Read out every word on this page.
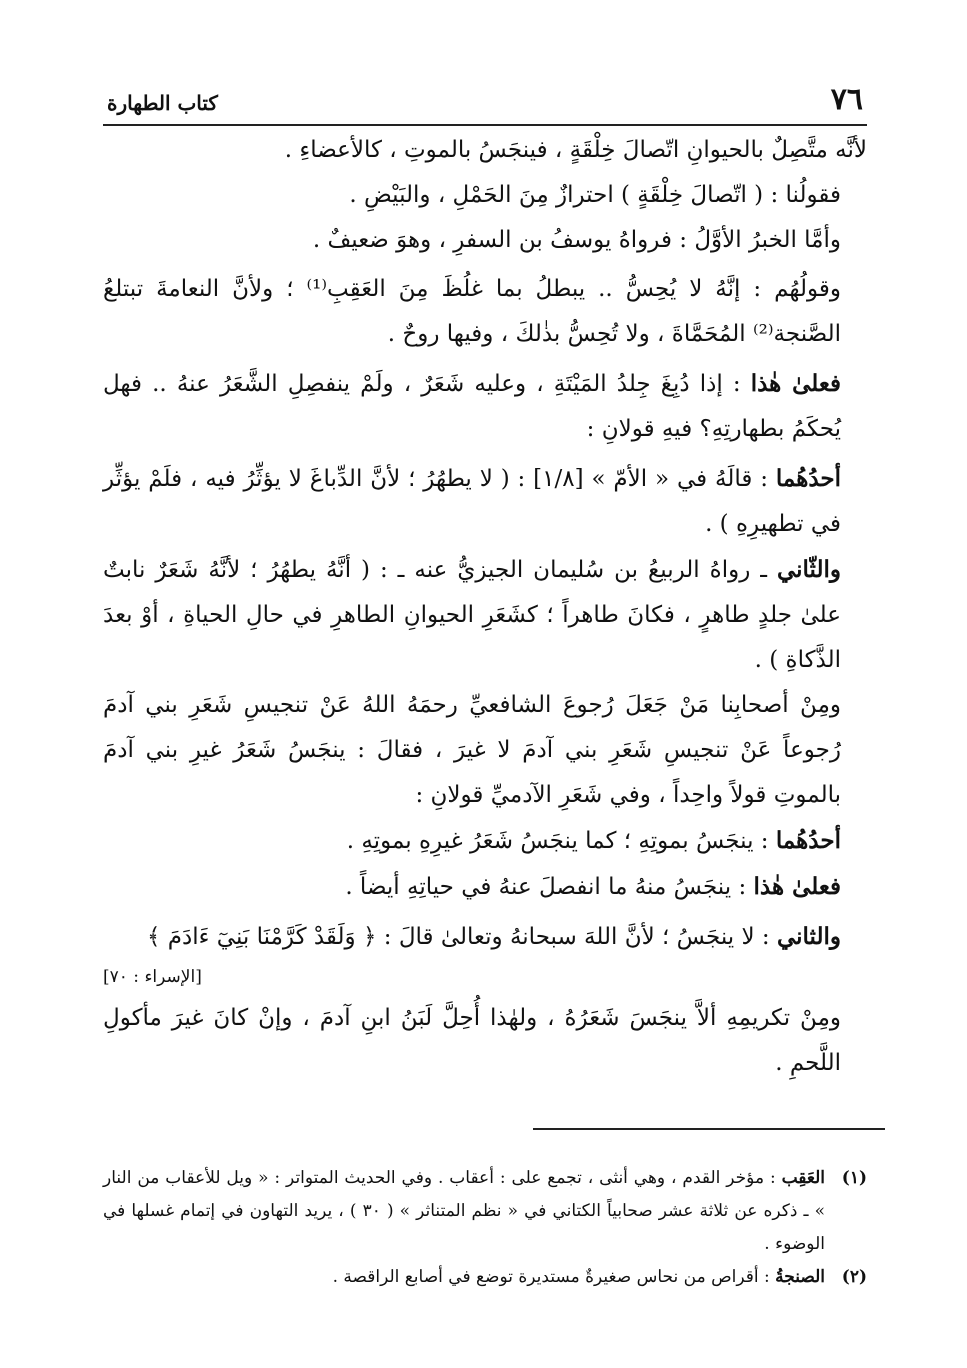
٧٦
كتاب الطهارة
لأنَّه متَّصِلٌ بالحيوانِ اتّصالَ خِلْقَةٍ ، فينجَسُ بالموتِ ، كالأعضاءِ .
فقولُنا : ( اتّصالَ خِلْقَةٍ ) احترازٌ مِنَ الحَمْلِ ، والبَيْضِ .
وأمَّا الخبرُ الأوَّلُ : فرواهُ يوسفُ بن السفرِ ، وهوَ ضعيفٌ .
وقولُهُم : إنَّهُ لا يُحِسُّ .. يبطلُ بما غلُظَ مِنَ العَقِبِ⁽¹⁾ ؛ ولأنَّ النعامةَ تبتلعُ الصَّنجة⁽²⁾ المُحَمَّاةَ ، ولا تُحِسُّ بذٰلكَ ، وفيها روحٌ .
فعلىٰ هٰذا : إذا دُبِغَ جِلدُ المَيْتَةِ ، وعليه شَعَرٌ ، ولَمْ ينفصِلِ الشَّعَرُ عنهُ .. فهل يُحكَمُ بطهارتِهِ؟ فيهِ قولانِ :
أحدُهُما : قالَهُ في « الأمّ » [١/٨] : ( لا يطهُرُ ؛ لأنَّ الدِّباغَ لا يؤثِّرُ فيه ، فلَمْ يؤثِّر في تطهيرِهِ ) .
والثّاني ـ رواهُ الربيعُ بن سُليمان الجيزيُّ عنه ـ : ( أنَّهُ يطهُرُ ؛ لأنَّهُ شَعَرٌ نابتٌ علىٰ جلدٍ طاهرٍ ، فكانَ طاهراً ؛ كشَعَرِ الحيوانِ الطاهرِ في حالِ الحياةِ ، أوْ بعدَ الذَّكاةِ ) .
ومِنْ أصحابِنا مَنْ جَعَلَ رُجوعَ الشافعيِّ رحمَهُ اللهُ عَنْ تنجيسِ شَعَرِ بني آدمَ رُجوعاً عَنْ تنجيسِ شَعَرِ بني آدمَ لا غيرَ ، فقالَ : ينجَسُ شَعَرُ غيرِ بني آدمَ بالموتِ قولاً واحِداً ، وفي شَعَرِ الآدميِّ قولانِ :
أحدُهُما : ينجَسُ بموتِهِ ؛ كما ينجَسُ شَعَرُ غيرِهِ بموتِهِ .
فعلىٰ هٰذا : ينجَسُ منهُ ما انفصلَ عنهُ في حياتِهِ أيضاً .
والثاني : لا ينجَسُ ؛ لأنَّ اللهَ سبحانهُ وتعالىٰ قالَ : ﴿ وَلَقَدْ كَرَّمْنَا بَنِيٓ ءَادَمَ ﴾
[الإسراء : ٧٠]
ومِنْ تكريمِهِ ألاَّ ينجَسَ شَعَرُهُ ، ولهٰذا أُحِلَّ لَبَنُ ابنِ آدمَ ، وإنْ كانَ غيرَ مأكولِ اللَّحمِ .
(١)
العَقِب : مؤخر القدم ، وهي أنثى ، تجمع على : أعقاب . وفي الحديث المتواتر : « ويل للأعقاب من النار » ـ ذكره عن ثلاثة عشر صحابياً الكتاني في « نظم المتناثر » ( ٣٠ ) ، يريد التهاون في إتمام غسلها في الوضوء .
(٢)
الصنجةُ : أقراص من نحاس صغيرةٌ مستديرة توضع في أصابع الراقصة .
